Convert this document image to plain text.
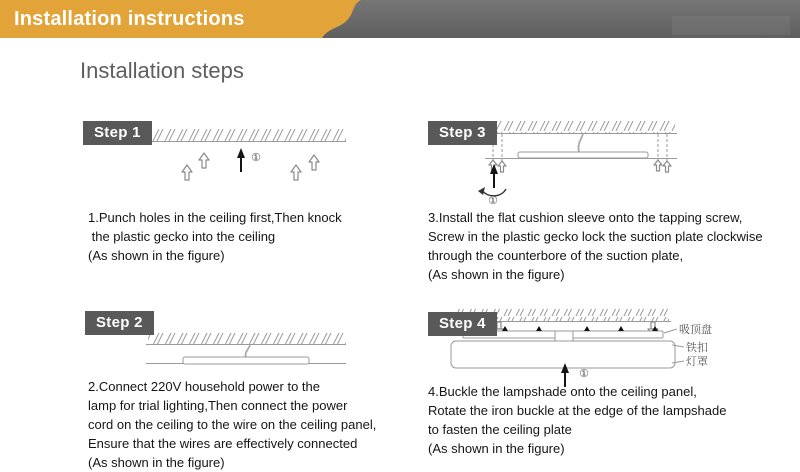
Installation instructions
Installation steps
①
①
吸顶盘
铁扣
灯罩
①
Step 1
Step 2
Step 3
Step 4
1.Punch holes in the ceiling first,Then knock
the plastic gecko into the ceiling
(As shown in the figure)
2.Connect 220V household power to the
lamp for trial lighting,Then connect the power
cord on the ceiling to the wire on the ceiling panel,
Ensure that the wires are effectively connected
(As shown in the figure)
3.Install the flat cushion sleeve onto the tapping screw,
Screw in the plastic gecko lock the suction plate clockwise
through the counterbore of the suction plate,
(As shown in the figure)
4.Buckle the lampshade onto the ceiling panel,
Rotate the iron buckle at the edge of the lampshade
to fasten the ceiling plate
(As shown in the figure)
